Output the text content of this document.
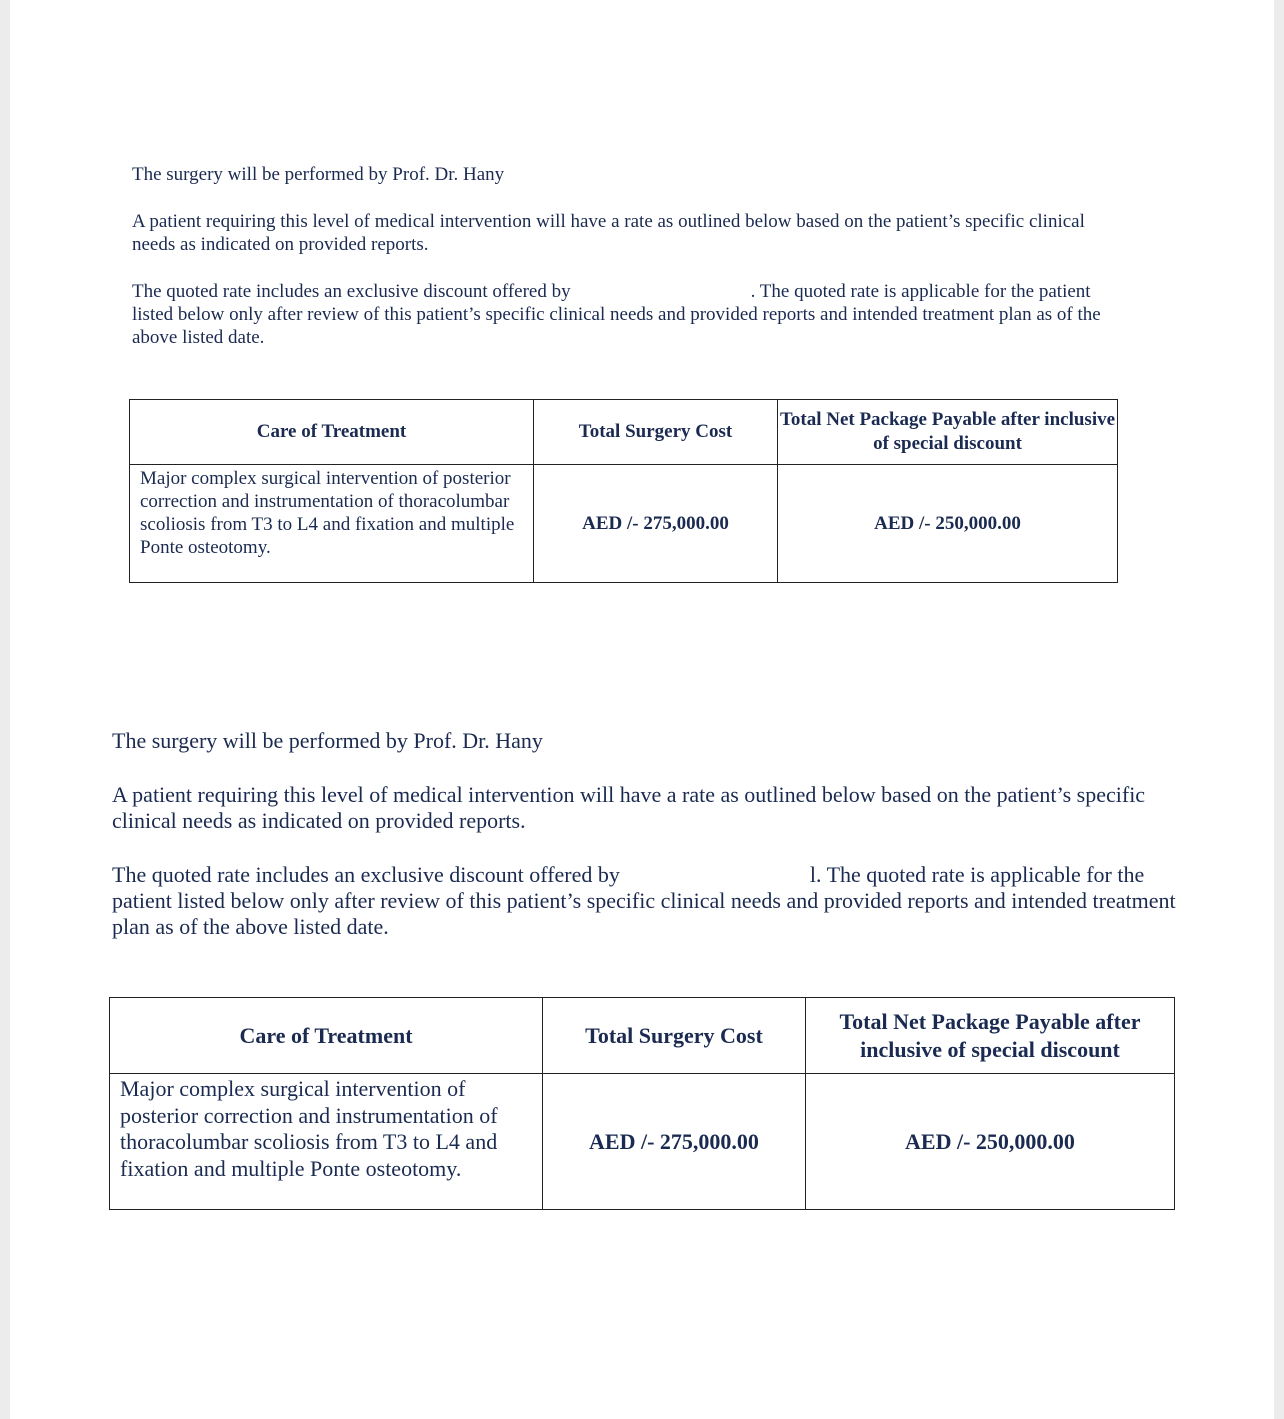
The surgery will be performed by Prof. Dr. Hany

A patient requiring this level of medical intervention will have a rate as outlined below based on the patient’s specific clinical needs as indicated on provided reports.

The quoted rate includes an exclusive discount offered by	. The quoted rate is applicable for the patient listed below only after review of this patient’s specific clinical needs and provided reports and intended treatment plan as of the above listed date.

Care of Treatment	Total Surgery Cost	Total Net Package Payable after inclusive of special discount
Major complex surgical intervention of posterior correction and instrumentation of thoracolumbar scoliosis from T3 to L4 and fixation and multiple Ponte osteotomy.	AED /- 275,000.00	AED /- 250,000.00

The surgery will be performed by Prof. Dr. Hany

A patient requiring this level of medical intervention will have a rate as outlined below based on the patient’s specific clinical needs as indicated on provided reports.

The quoted rate includes an exclusive discount offered by	l. The quoted rate is applicable for the patient listed below only after review of this patient’s specific clinical needs and provided reports and intended treatment plan as of the above listed date.

Care of Treatment	Total Surgery Cost	Total Net Package Payable after inclusive of special discount
Major complex surgical intervention of posterior correction and instrumentation of thoracolumbar scoliosis from T3 to L4 and fixation and multiple Ponte osteotomy.	AED /- 275,000.00	AED /- 250,000.00
